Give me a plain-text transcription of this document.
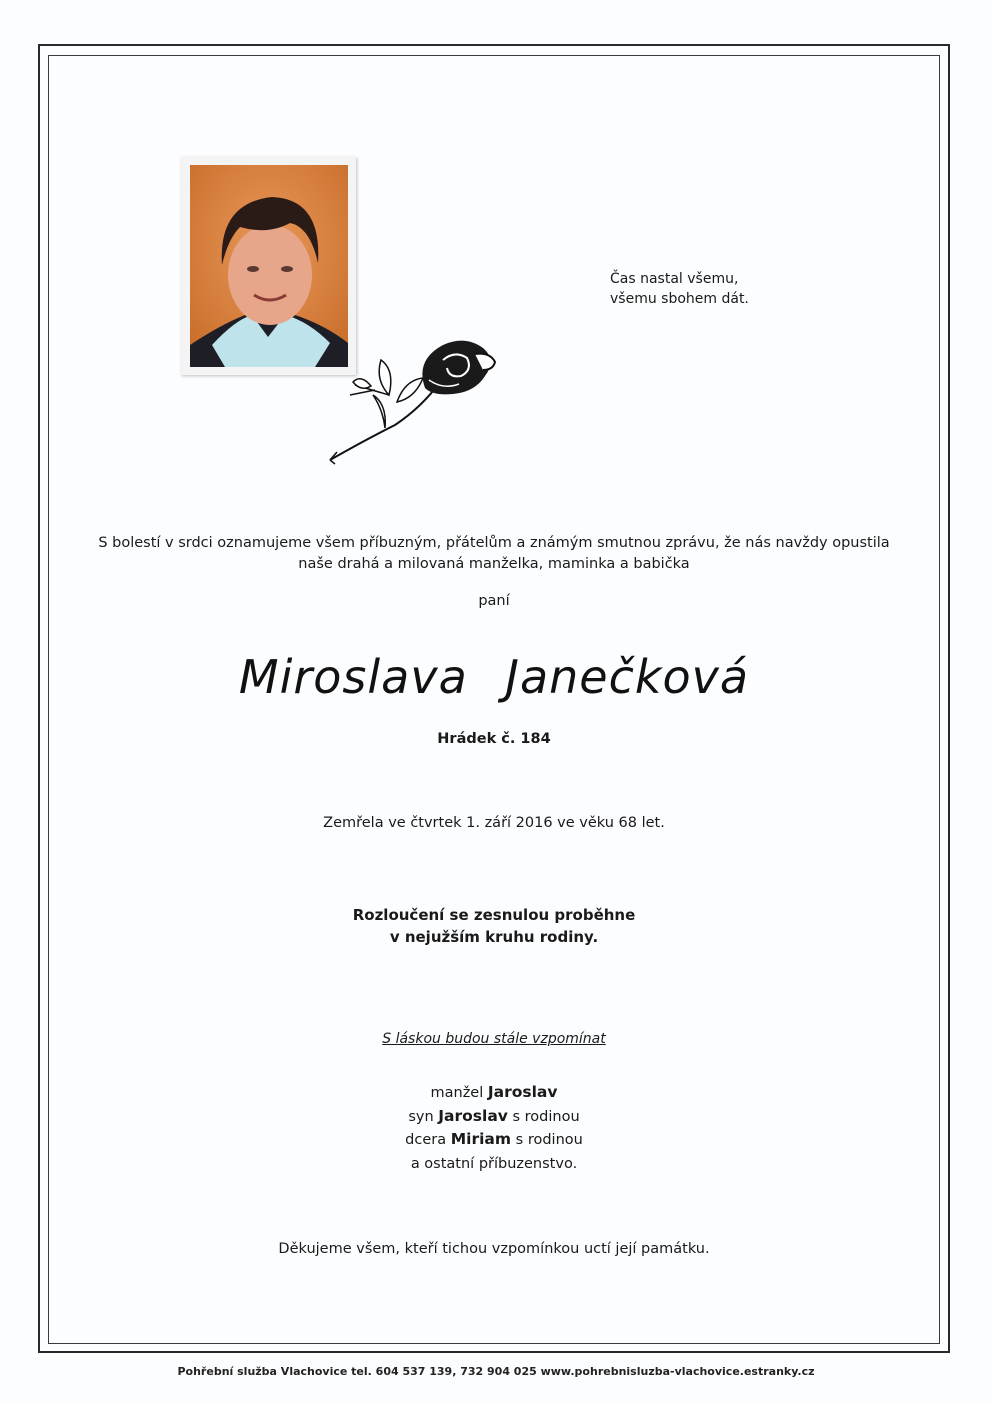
Čas nastal všemu,
všemu sbohem dát.
S bolestí v srdci oznamujeme všem příbuzným, přátelům a známým smutnou zprávu, že nás navždy opustila
naše drahá a milovaná manželka, maminka a babička
paní
Miroslava Janečková
Hrádek č. 184
Zemřela ve čtvrtek 1. září 2016 ve věku 68 let.
Rozloučení se zesnulou proběhne
v nejužším kruhu rodiny.
S láskou budou stále vzpomínat
manžel Jaroslav
syn Jaroslav s rodinou
dcera Miriam s rodinou
a ostatní příbuzenstvo.
Děkujeme všem, kteří tichou vzpomínkou uctí její památku.
Pohřební služba Vlachovice tel. 604 537 139, 732 904 025 www.pohrebnisluzba-vlachovice.estranky.cz
